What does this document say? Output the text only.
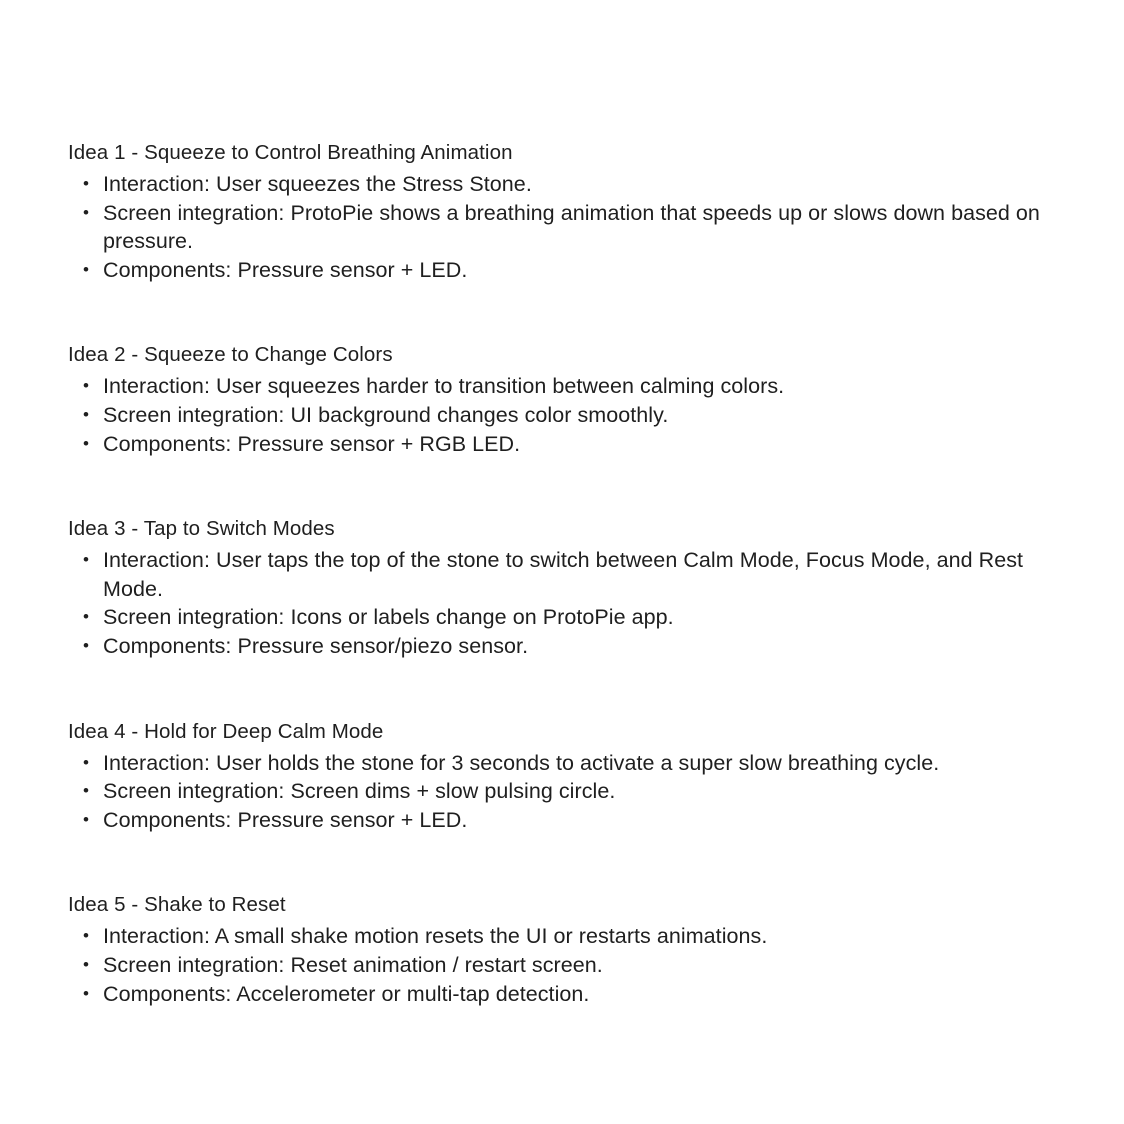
Idea 1 - Squeeze to Control Breathing Animation
• Interaction: User squeezes the Stress Stone.
• Screen integration: ProtoPie shows a breathing animation that speeds up or slows down based on pressure.
• Components: Pressure sensor + LED.
Idea 2 - Squeeze to Change Colors
• Interaction: User squeezes harder to transition between calming colors.
• Screen integration: UI background changes color smoothly.
• Components: Pressure sensor + RGB LED.
Idea 3 - Tap to Switch Modes
• Interaction: User taps the top of the stone to switch between Calm Mode, Focus Mode, and Rest Mode.
• Screen integration: Icons or labels change on ProtoPie app.
• Components: Pressure sensor/piezo sensor.
Idea 4 - Hold for Deep Calm Mode
• Interaction: User holds the stone for 3 seconds to activate a super slow breathing cycle.
• Screen integration: Screen dims + slow pulsing circle.
• Components: Pressure sensor + LED.
Idea 5 - Shake to Reset
• Interaction: A small shake motion resets the UI or restarts animations.
• Screen integration: Reset animation / restart screen.
• Components: Accelerometer or multi-tap detection.
